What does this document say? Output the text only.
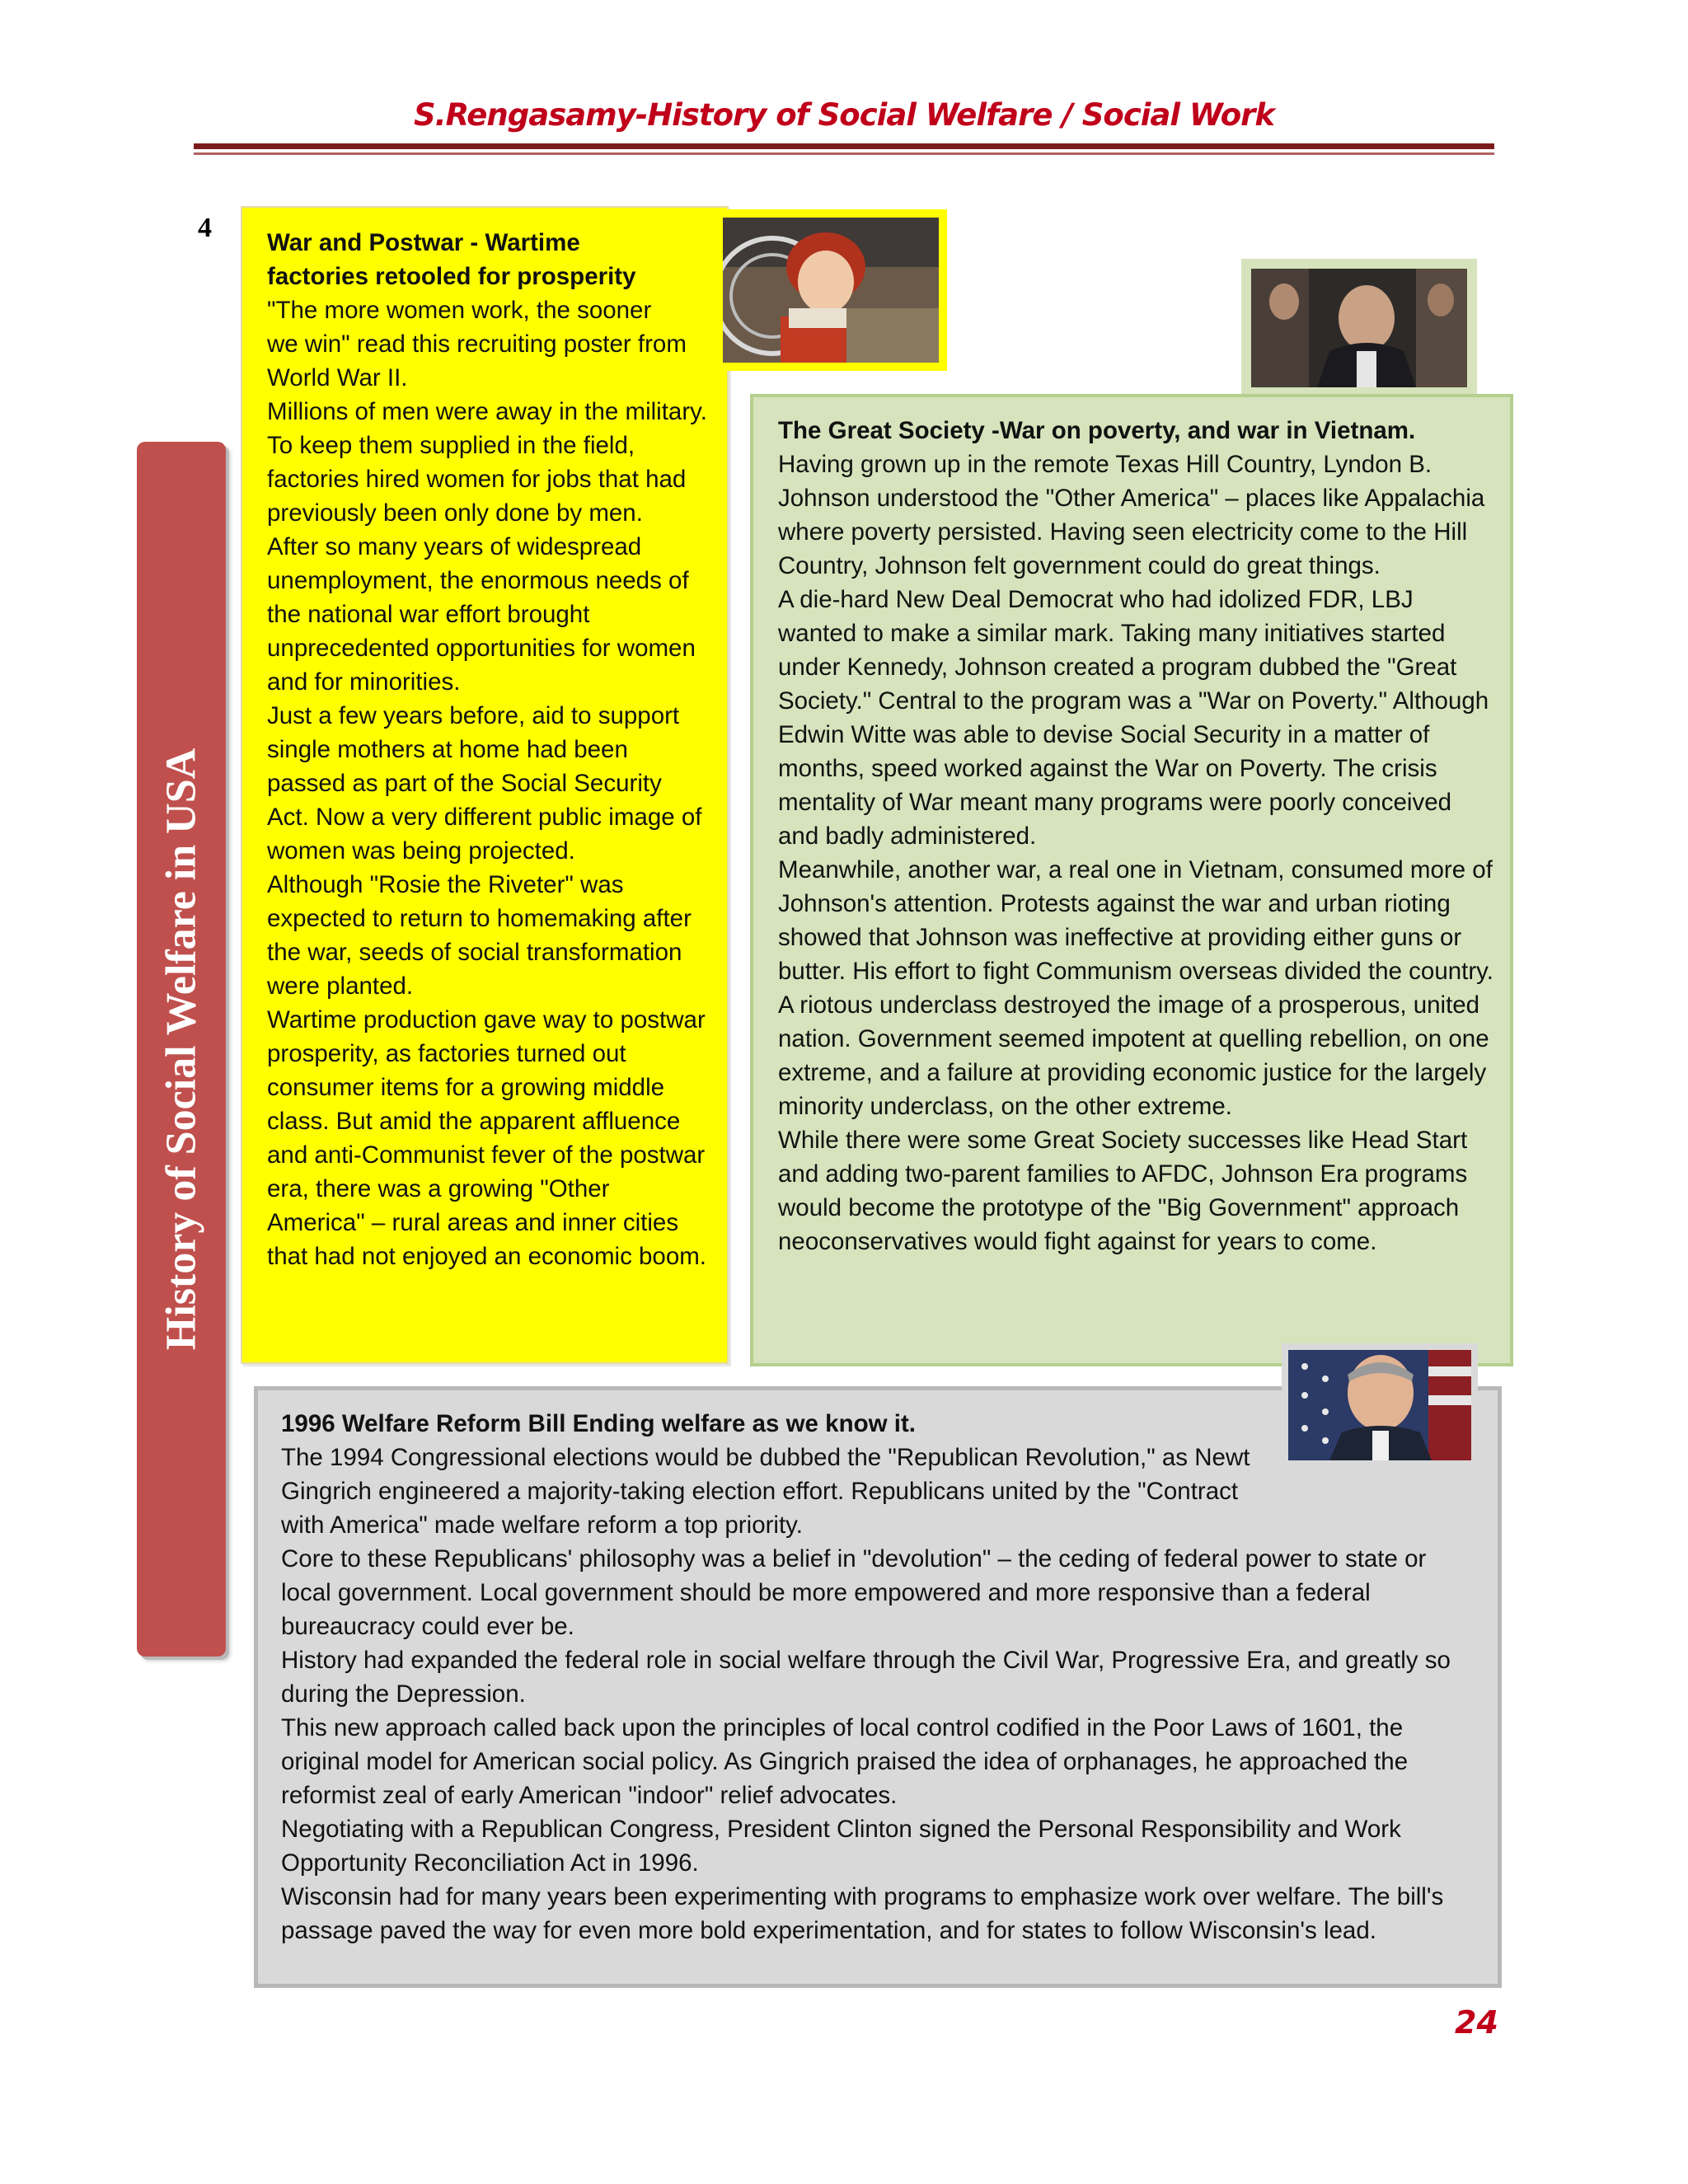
S.Rengasamy-History of Social Welfare / Social Work
4
History of Social Welfare in USA

War and Postwar - Wartime factories retooled for prosperity

"The more women work, the sooner we win" read this recruiting poster from World War II.

Millions of men were away in the military. To keep them supplied in the field, factories hired women for jobs that had previously been only done by men.

After so many years of widespread unemployment, the enormous needs of the national war effort brought unprecedented opportunities for women and for minorities.

Just a few years before, aid to support single mothers at home had been passed as part of the Social Security Act. Now a very different public image of women was being projected.

Although "Rosie the Riveter" was expected to return to homemaking after the war, seeds of social transformation were planted.

Wartime production gave way to postwar prosperity, as factories turned out consumer items for a growing middle class. But amid the apparent affluence and anti-Communist fever of the postwar era, there was a growing "Other America" – rural areas and inner cities that had not enjoyed an economic boom.

The Great Society -War on poverty, and war in Vietnam.

Having grown up in the remote Texas Hill Country, Lyndon B. Johnson understood the "Other America" – places like Appalachia where poverty persisted. Having seen electricity come to the Hill Country, Johnson felt government could do great things.

A die-hard New Deal Democrat who had idolized FDR, LBJ wanted to make a similar mark. Taking many initiatives started under Kennedy, Johnson created a program dubbed the "Great Society." Central to the program was a "War on Poverty." Although Edwin Witte was able to devise Social Security in a matter of months, speed worked against the War on Poverty. The crisis mentality of War meant many programs were poorly conceived and badly administered.

Meanwhile, another war, a real one in Vietnam, consumed more of Johnson's attention. Protests against the war and urban rioting showed that Johnson was ineffective at providing either guns or butter. His effort to fight Communism overseas divided the country. A riotous underclass destroyed the image of a prosperous, united nation. Government seemed impotent at quelling rebellion, on one extreme, and a failure at providing economic justice for the largely minority underclass, on the other extreme.

While there were some Great Society successes like Head Start and adding two-parent families to AFDC, Johnson Era programs would become the prototype of the "Big Government" approach neoconservatives would fight against for years to come.

1996 Welfare Reform Bill Ending welfare as we know it.

The 1994 Congressional elections would be dubbed the "Republican Revolution," as Newt Gingrich engineered a majority-taking election effort. Republicans united by the "Contract with America" made welfare reform a top priority.

Core to these Republicans' philosophy was a belief in "devolution" – the ceding of federal power to state or local government. Local government should be more empowered and more responsive than a federal bureaucracy could ever be.

History had expanded the federal role in social welfare through the Civil War, Progressive Era, and greatly so during the Depression.

This new approach called back upon the principles of local control codified in the Poor Laws of 1601, the original model for American social policy. As Gingrich praised the idea of orphanages, he approached the reformist zeal of early American "indoor" relief advocates.

Negotiating with a Republican Congress, President Clinton signed the Personal Responsibility and Work Opportunity Reconciliation Act in 1996.

Wisconsin had for many years been experimenting with programs to emphasize work over welfare. The bill's passage paved the way for even more bold experimentation, and for states to follow Wisconsin's lead.

24
